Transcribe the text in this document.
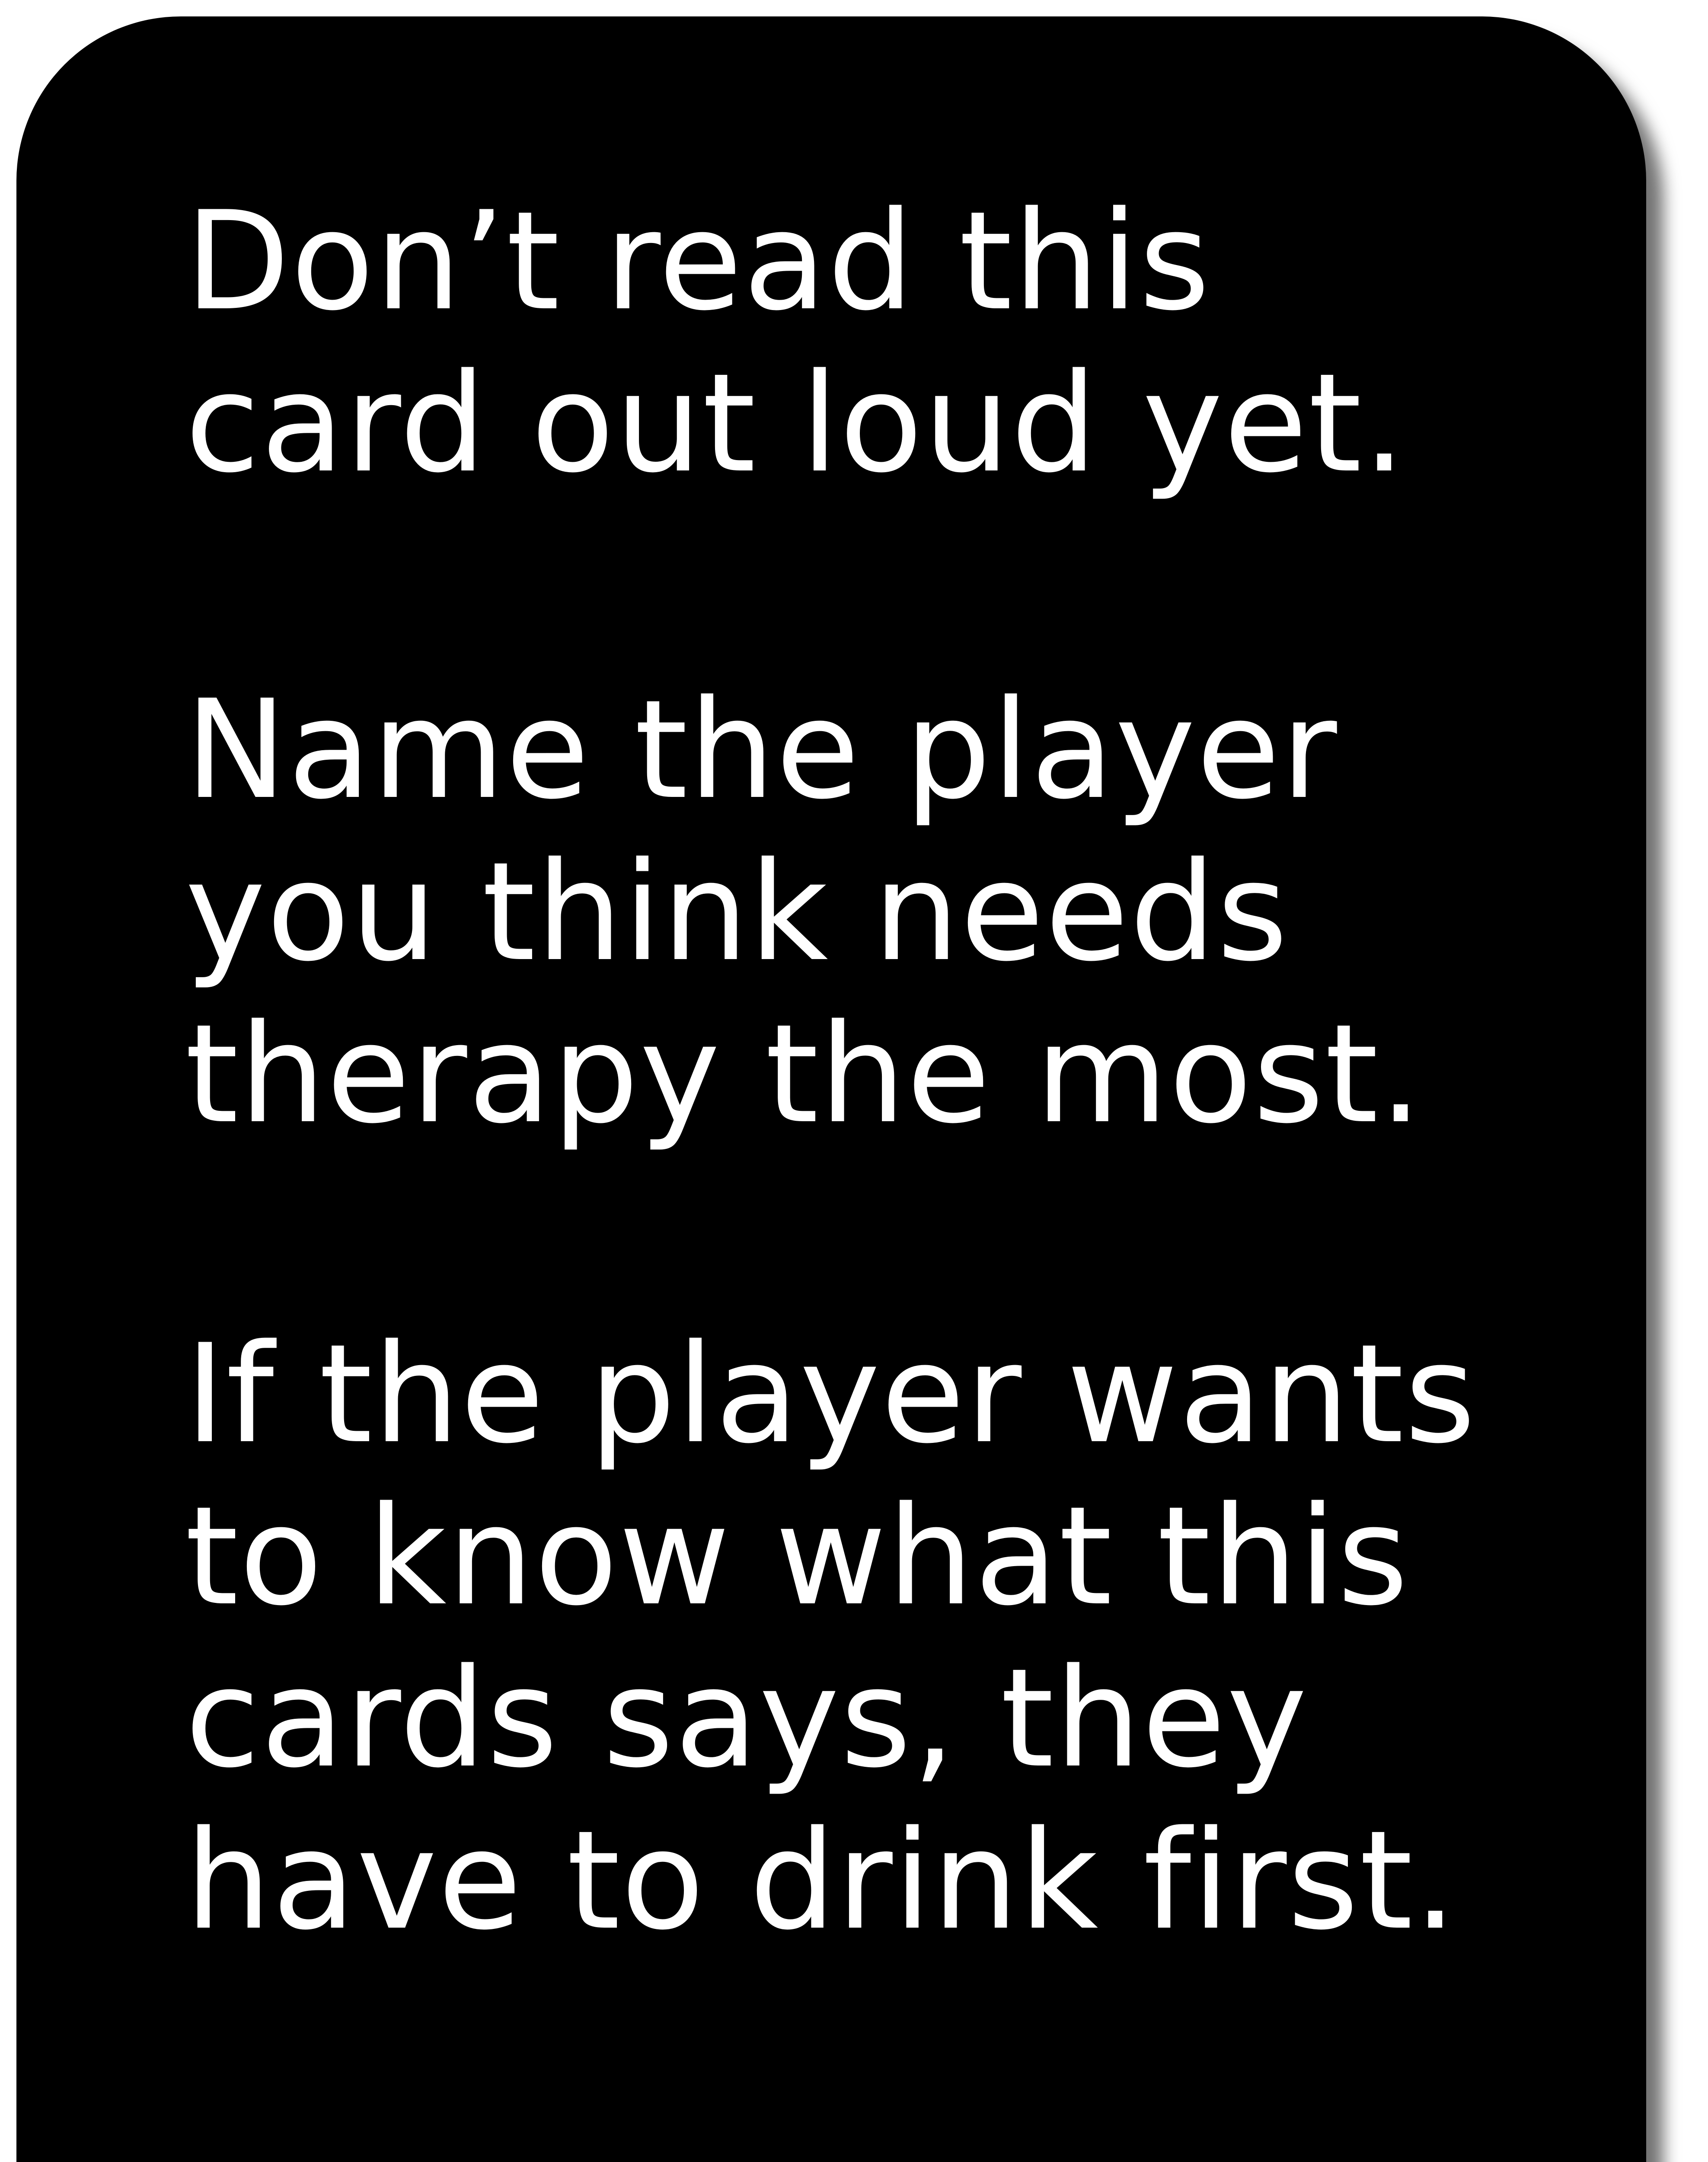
Don’t read this
card out loud yet.
Name the player
you think needs
therapy the most.
If the player wants
to know what this
cards says, they
have to drink first.
